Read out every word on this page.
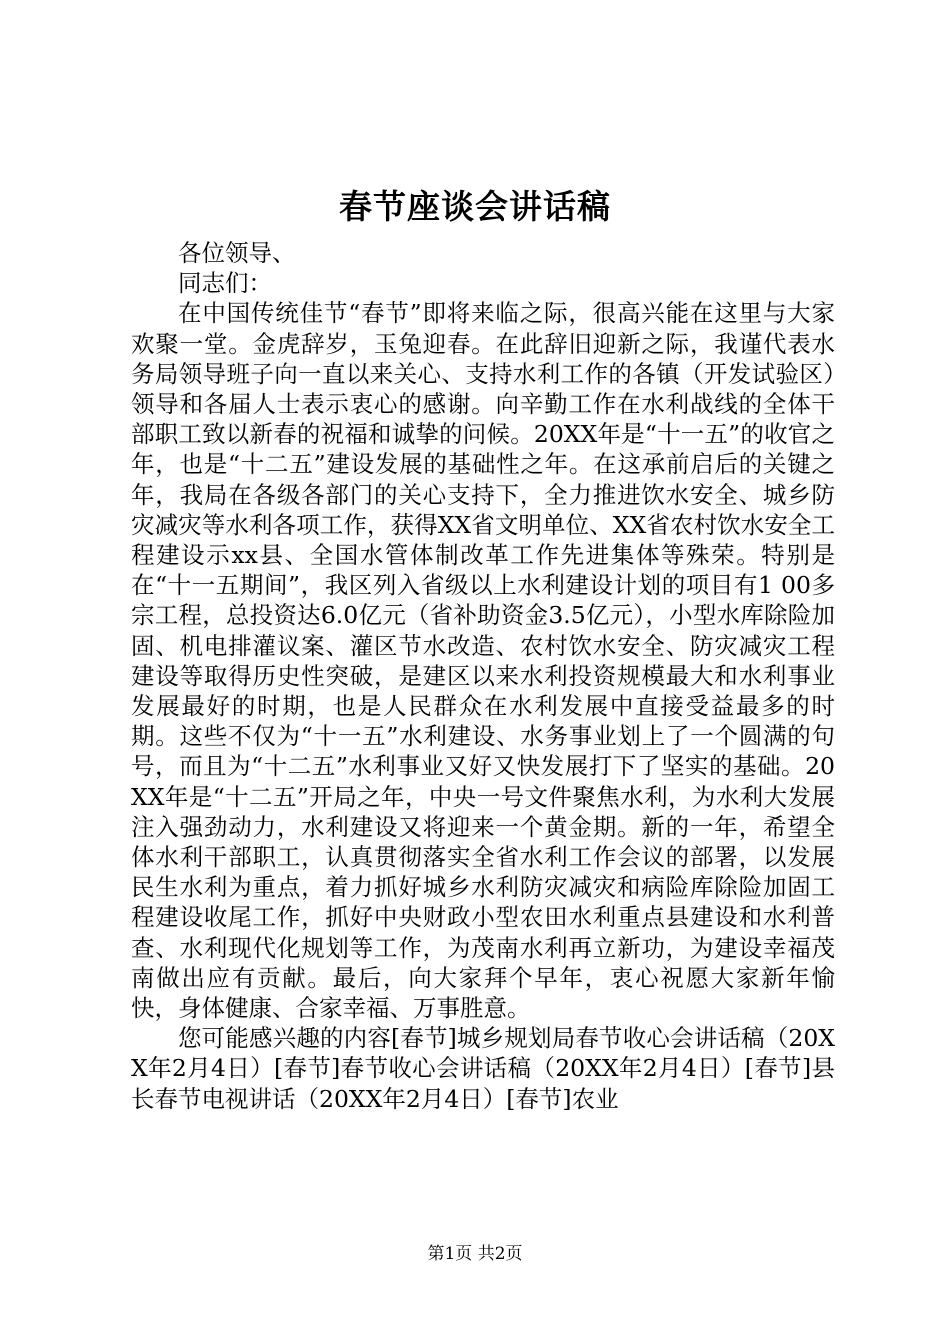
春节座谈会讲话稿

各位领导、

同志们：

在中国传统佳节“春节”即将来临之际，很高兴能在这里与大家欢聚一堂。金虎辞岁，玉兔迎春。在此辞旧迎新之际，我谨代表水务局领导班子向一直以来关心、支持水利工作的各镇（开发试验区）领导和各届人士表示衷心的感谢。向辛勤工作在水利战线的全体干部职工致以新春的祝福和诚挚的问候。20XX年是“十一五”的收官之年，也是“十二五”建设发展的基础性之年。在这承前启后的关键之年，我局在各级各部门的关心支持下，全力推进饮水安全、城乡防灾减灾等水利各项工作，获得XX省文明单位、XX省农村饮水安全工程建设示xx县、全国水管体制改革工作先进集体等殊荣。特别是在“十一五期间”，我区列入省级以上水利建设计划的项目有1 00多宗工程，总投资达6.0亿元（省补助资金3.5亿元），小型水库除险加固、机电排灌议案、灌区节水改造、农村饮水安全、防灾减灾工程建设等取得历史性突破，是建区以来水利投资规模最大和水利事业发展最好的时期，也是人民群众在水利发展中直接受益最多的时期。这些不仅为“十一五”水利建设、水务事业划上了一个圆满的句号，而且为“十二五”水利事业又好又快发展打下了坚实的基础。20XX年是“十二五”开局之年，中央一号文件聚焦水利，为水利大发展注入强劲动力，水利建设又将迎来一个黄金期。新的一年，希望全体水利干部职工，认真贯彻落实全省水利工作会议的部署，以发展民生水利为重点，着力抓好城乡水利防灾减灾和病险库除险加固工程建设收尾工作，抓好中央财政小型农田水利重点县建设和水利普查、水利现代化规划等工作，为茂南水利再立新功，为建设幸福茂南做出应有贡献。最后，向大家拜个早年，衷心祝愿大家新年愉快，身体健康、合家幸福、万事胜意。

您可能感兴趣的内容[春节]城乡规划局春节收心会讲话稿（20XX年2月4日）[春节]春节收心会讲话稿（20XX年2月4日）[春节]县长春节电视讲话（20XX年2月4日）[春节]农业

第1页 共2页
